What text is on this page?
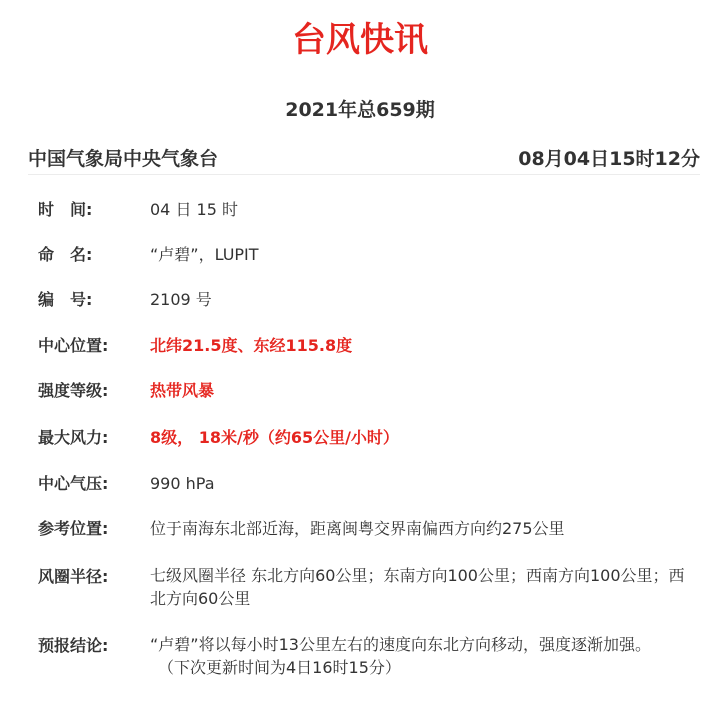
台风快讯
2021年总659期
中国气象局中央气象台	08月04日15时12分
时　间:	04 日 15 时
命　名:	“卢碧”，LUPIT
编　号:	2109 号
中心位置:	北纬21.5度、东经115.8度
强度等级:	热带风暴
最大风力:	8级， 18米/秒（约65公里/小时）
中心气压:	990 hPa
参考位置:	位于南海东北部近海，距离闽粤交界南偏西方向约275公里
风圈半径:	七级风圈半径 东北方向60公里；东南方向100公里；西南方向100公里；西北方向60公里
预报结论:	“卢碧”将以每小时13公里左右的速度向东北方向移动，强度逐渐加强。
（下次更新时间为4日16时15分）
